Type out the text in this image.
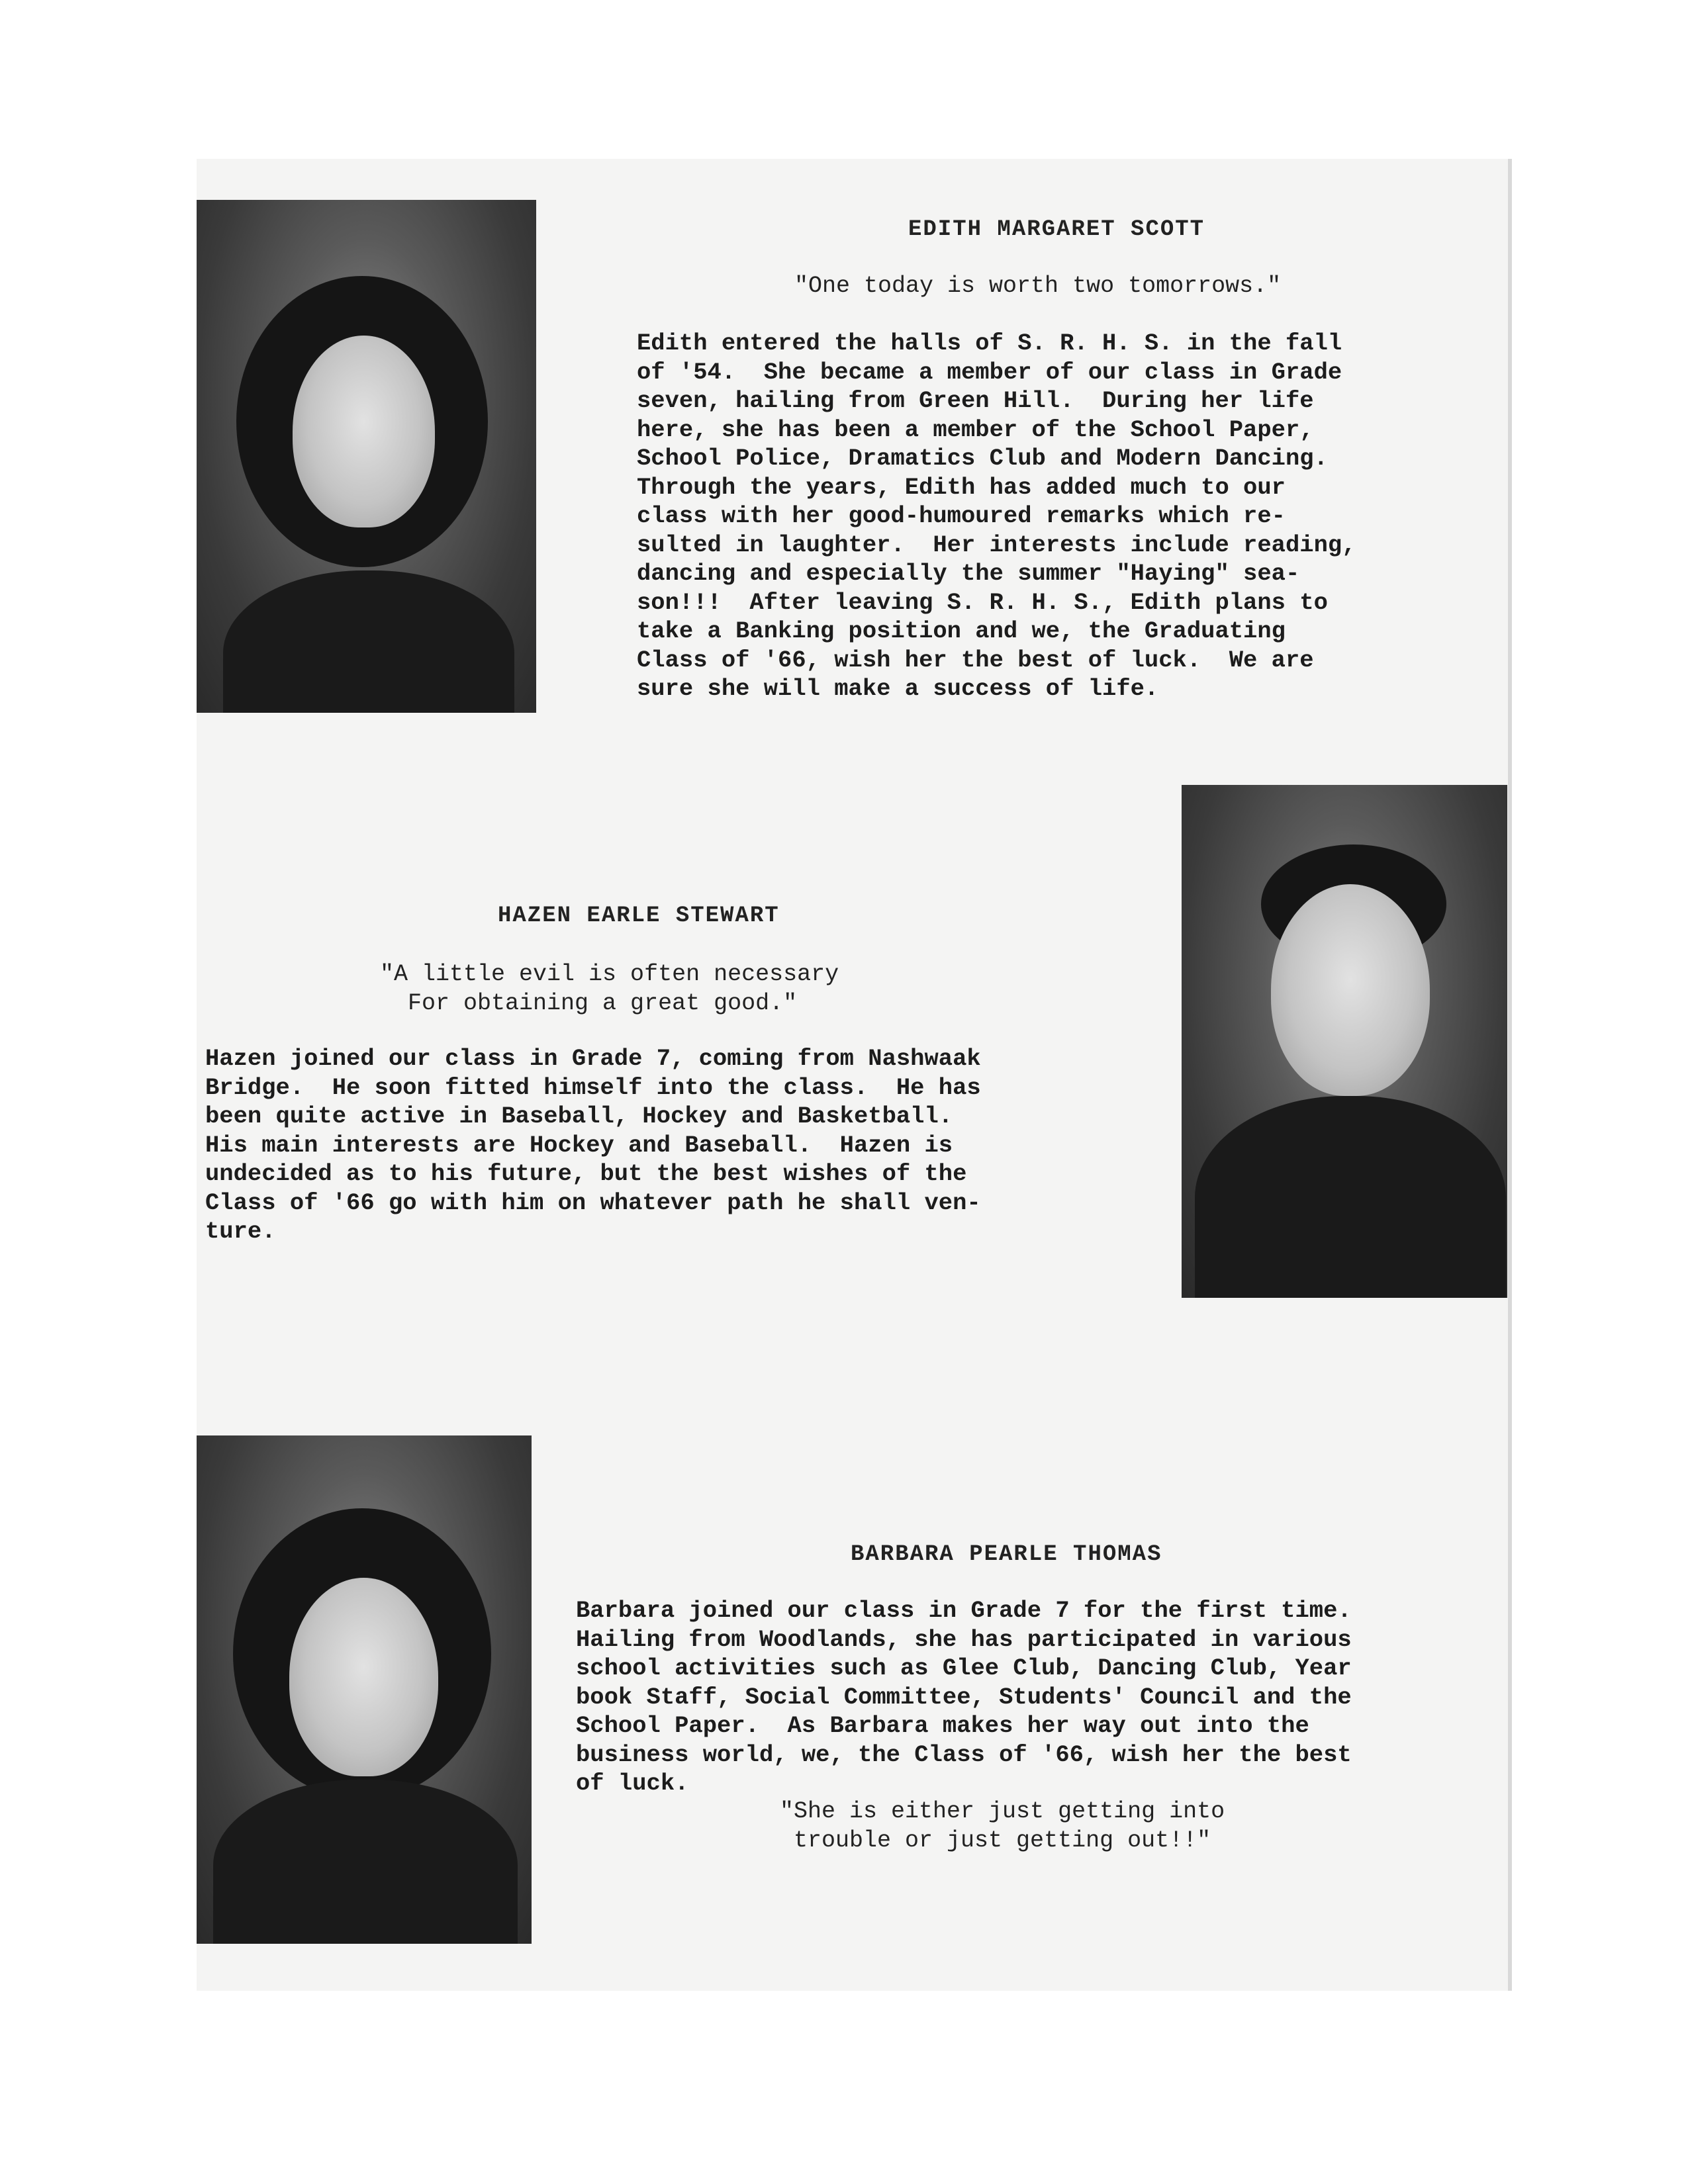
EDITH MARGARET SCOTT
"One today is worth two tomorrows."
Edith entered the halls of S. R. H. S. in the fall
of '54.  She became a member of our class in Grade
seven, hailing from Green Hill.  During her life
here, she has been a member of the School Paper,
School Police, Dramatics Club and Modern Dancing.
Through the years, Edith has added much to our
class with her good-humoured remarks which re-
sulted in laughter.  Her interests include reading,
dancing and especially the summer "Haying" sea-
son!!!  After leaving S. R. H. S., Edith plans to
take a Banking position and we, the Graduating
Class of '66, wish her the best of luck.  We are
sure she will make a success of life.
HAZEN EARLE STEWART
"A little evil is often necessary
For obtaining a great good."
Hazen joined our class in Grade 7, coming from Nashwaak
Bridge.  He soon fitted himself into the class.  He has
been quite active in Baseball, Hockey and Basketball.
His main interests are Hockey and Baseball.  Hazen is
undecided as to his future, but the best wishes of the
Class of '66 go with him on whatever path he shall ven-
ture.
BARBARA PEARLE THOMAS
Barbara joined our class in Grade 7 for the first time.
Hailing from Woodlands, she has participated in various
school activities such as Glee Club, Dancing Club, Year
book Staff, Social Committee, Students' Council and the
School Paper.  As Barbara makes her way out into the
business world, we, the Class of '66, wish her the best
of luck.
"She is either just getting into
trouble or just getting out!!"
